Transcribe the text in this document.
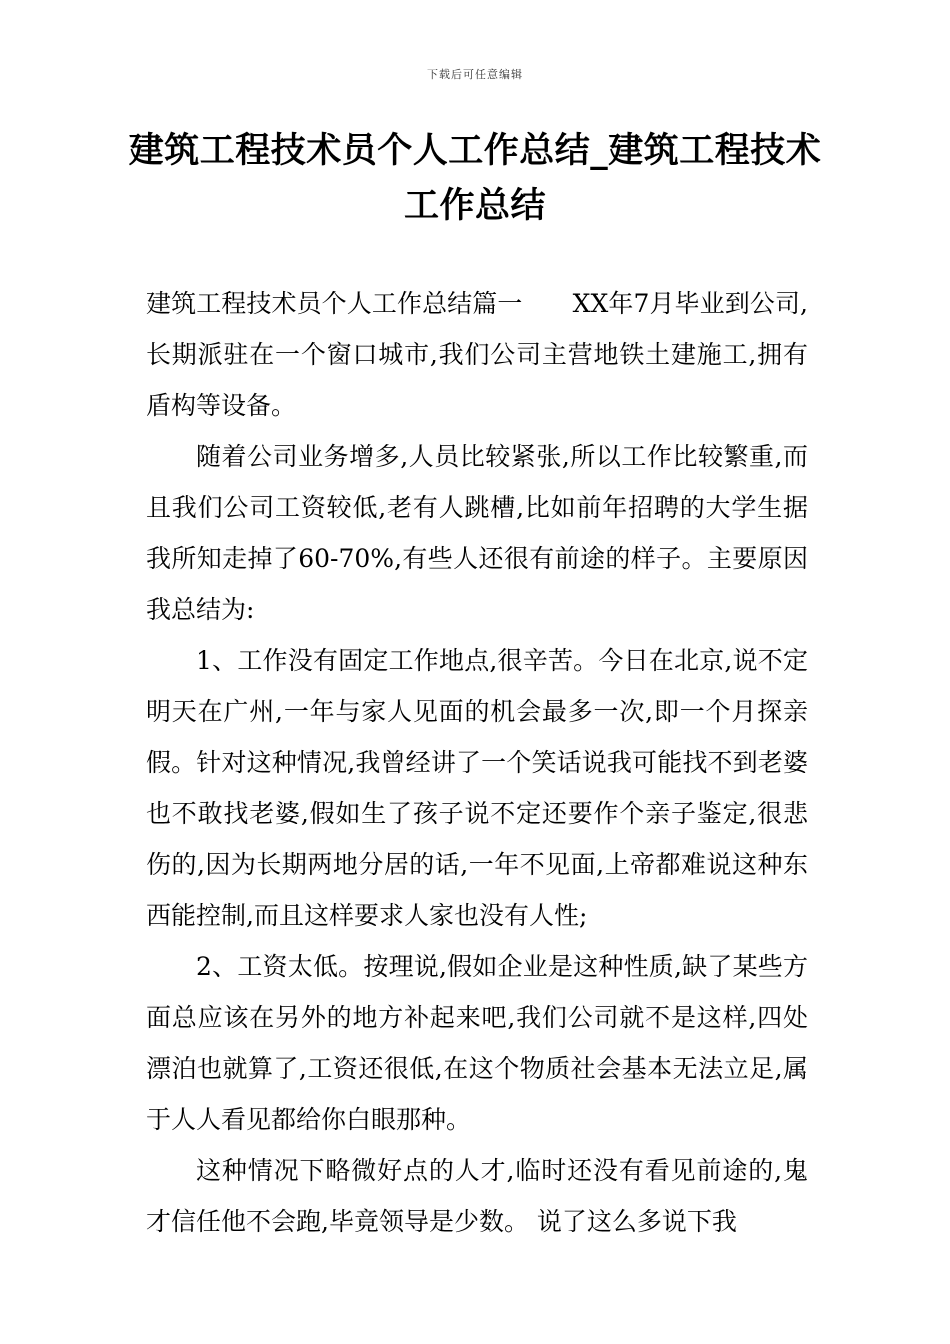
下载后可任意编辑
建筑工程技术员个人工作总结_建筑工程技术工作总结

建筑工程技术员个人工作总结篇一　　XX年7月毕业到公司,长期派驻在一个窗口城市,我们公司主营地铁土建施工,拥有盾构等设备。

随着公司业务增多,人员比较紧张,所以工作比较繁重,而且我们公司工资较低,老有人跳槽,比如前年招聘的大学生据我所知走掉了60-70%,有些人还很有前途的样子。主要原因我总结为:

1、工作没有固定工作地点,很辛苦。今日在北京,说不定明天在广州,一年与家人见面的机会最多一次,即一个月探亲假。针对这种情况,我曾经讲了一个笑话说我可能找不到老婆也不敢找老婆,假如生了孩子说不定还要作个亲子鉴定,很悲伤的,因为长期两地分居的话,一年不见面,上帝都难说这种东西能控制,而且这样要求人家也没有人性;

2、工资太低。按理说,假如企业是这种性质,缺了某些方面总应该在另外的地方补起来吧,我们公司就不是这样,四处漂泊也就算了,工资还很低,在这个物质社会基本无法立足,属于人人看见都给你白眼那种。

这种情况下略微好点的人才,临时还没有看见前途的,鬼才信任他不会跑,毕竟领导是少数。 说了这么多说下我
